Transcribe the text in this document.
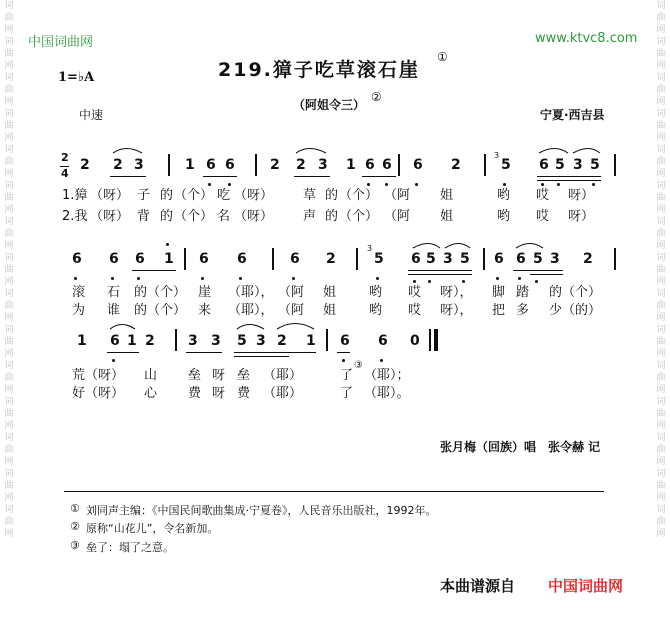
词曲网词曲网词曲网词曲网词曲网词曲网词曲网词曲网词曲网词曲网词曲网词曲网词曲网词曲网词曲网
词曲网词曲网词曲网词曲网词曲网词曲网词曲网词曲网词曲网词曲网词曲网词曲网词曲网词曲网词曲网
中国词曲网	www.ktvc8.com
219.獐子吃草滚石崖
①
1=♭A
中速
（阿姐令三）
②
宁夏·西吉县
2
4
2 2 3	1 6 6	2 2 3 1 6 6 6 2	5 6 5 3 5
3
1.獐 （呀） 子 的 （个） 吃 （呀） 草 的 （个） （阿 姐	哟 哎 呀）
2.我 （呀） 背 的 （个） 名 （呀） 声 的 （个） （阿 姐	哟 哎 呀）
6 6 6 1 6 6	6 2	5 6 5 3 5 6 6 5 3 2
3
滚 石 的（个） 崖 （耶）， （阿 姐	哟 哎 呀）， 脚 踏 的（个）
为 谁 的（个） 来 （耶）， （阿 姐	哟 哎 呀）， 把 多 少（的）
1 6 1 2 3 3 5 3 2 1 6 6 0
荒（呀） 山 垒 呀 垒 （耶）	了
③
（耶）；
好（呀） 心 费 呀 费 （耶）	了 （耶）。
张月梅（回族）唱　张令赫 记
① 刘同声主编：《中国民间歌曲集成·宁夏卷》，人民音乐出版社，1992年。
② 原称“山花儿”，令名新加。
③ 垒了：塌了之意。
本曲谱源自 中国词曲网
